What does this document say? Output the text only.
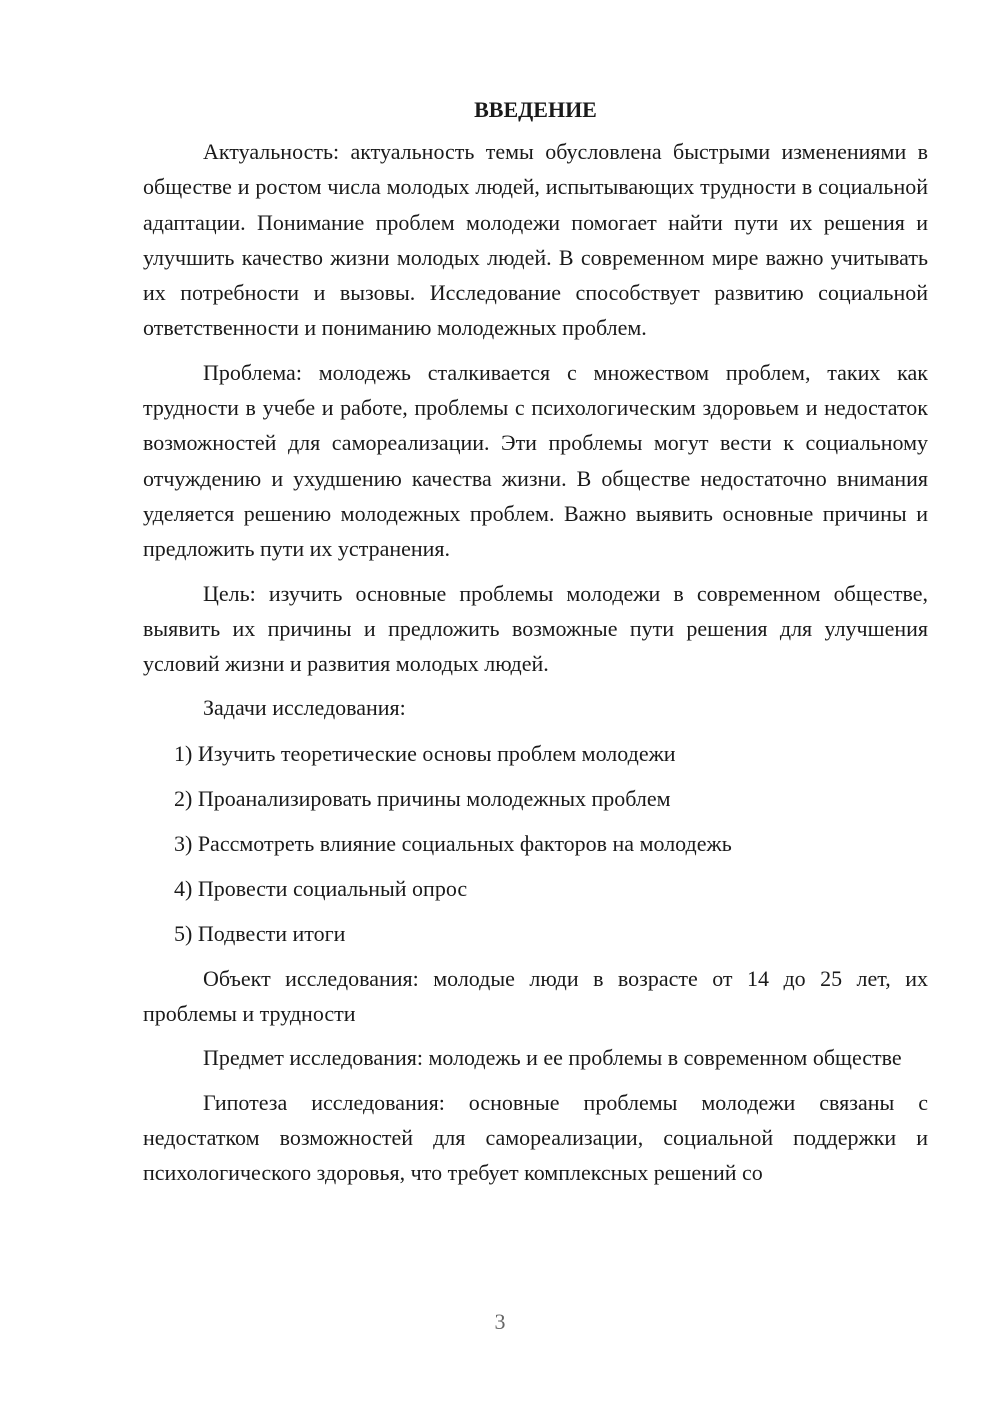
ВВЕДЕНИЕ

Актуальность: актуальность темы обусловлена быстрыми изменениями в обществе и ростом числа молодых людей, испытывающих трудности в социальной адаптации. Понимание проблем молодежи помогает найти пути их решения и улучшить качество жизни молодых людей. В современном мире важно учитывать их потребности и вызовы. Исследование способствует развитию социальной ответственности и пониманию молодежных проблем.

Проблема: молодежь сталкивается с множеством проблем, таких как трудности в учебе и работе, проблемы с психологическим здоровьем и недостаток возможностей для самореализации. Эти проблемы могут вести к социальному отчуждению и ухудшению качества жизни. В обществе недостаточно внимания уделяется решению молодежных проблем. Важно выявить основные причины и предложить пути их устранения.

Цель: изучить основные проблемы молодежи в современном обществе, выявить их причины и предложить возможные пути решения для улучшения условий жизни и развития молодых людей.

Задачи исследования:

1) Изучить теоретические основы проблем молодежи
2) Проанализировать причины молодежных проблем
3) Рассмотреть влияние социальных факторов на молодежь
4) Провести социальный опрос
5) Подвести итоги

Объект исследования: молодые люди в возрасте от 14 до 25 лет, их проблемы и трудности

Предмет исследования: молодежь и ее проблемы в современном обществе

Гипотеза исследования: основные проблемы молодежи связаны с недостатком возможностей для самореализации, социальной поддержки и психологического здоровья, что требует комплексных решений со

3
